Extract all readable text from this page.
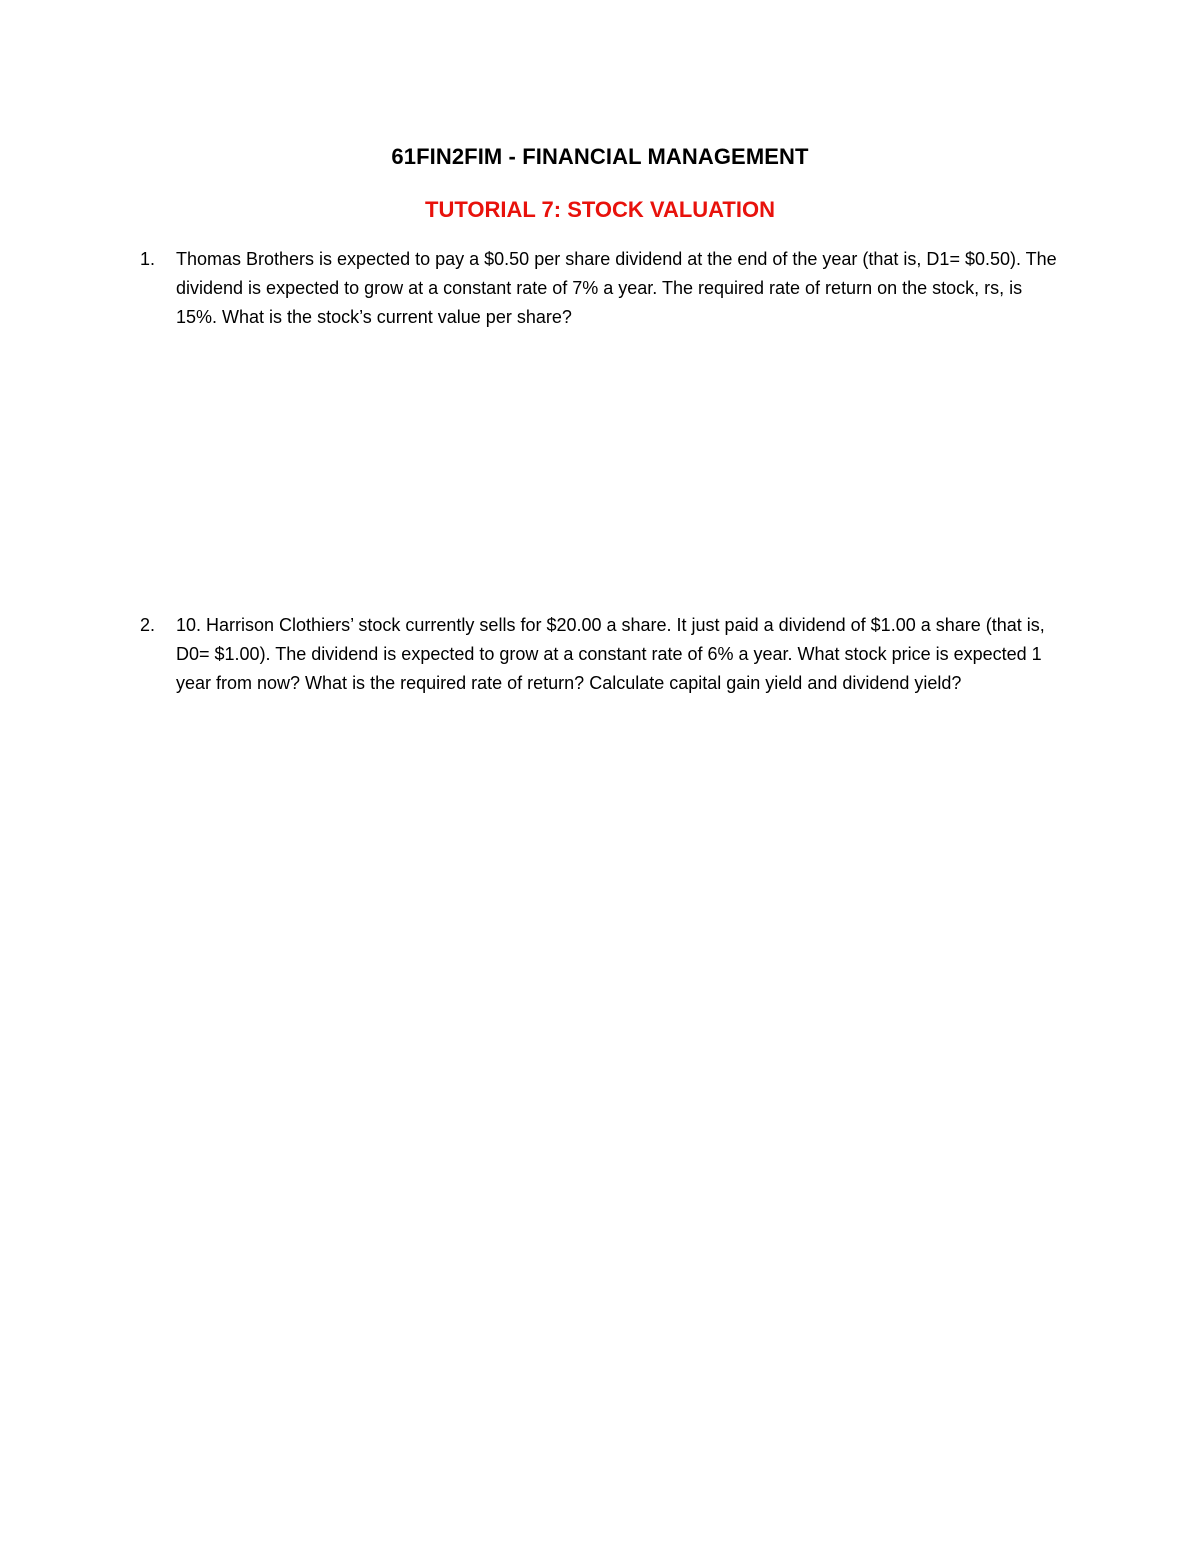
61FIN2FIM - FINANCIAL MANAGEMENT
TUTORIAL 7: STOCK VALUATION
1.	Thomas Brothers is expected to pay a $0.50 per share dividend at the end of the year (that is, D1= $0.50). The dividend is expected to grow at a constant rate of 7% a year. The required rate of return on the stock, rs, is 15%. What is the stock’s current value per share?
2.	10. Harrison Clothiers’ stock currently sells for $20.00 a share. It just paid a dividend of $1.00 a share (that is, D0= $1.00). The dividend is expected to grow at a constant rate of 6% a year. What stock price is expected 1 year from now? What is the required rate of return? Calculate capital gain yield and dividend yield?
